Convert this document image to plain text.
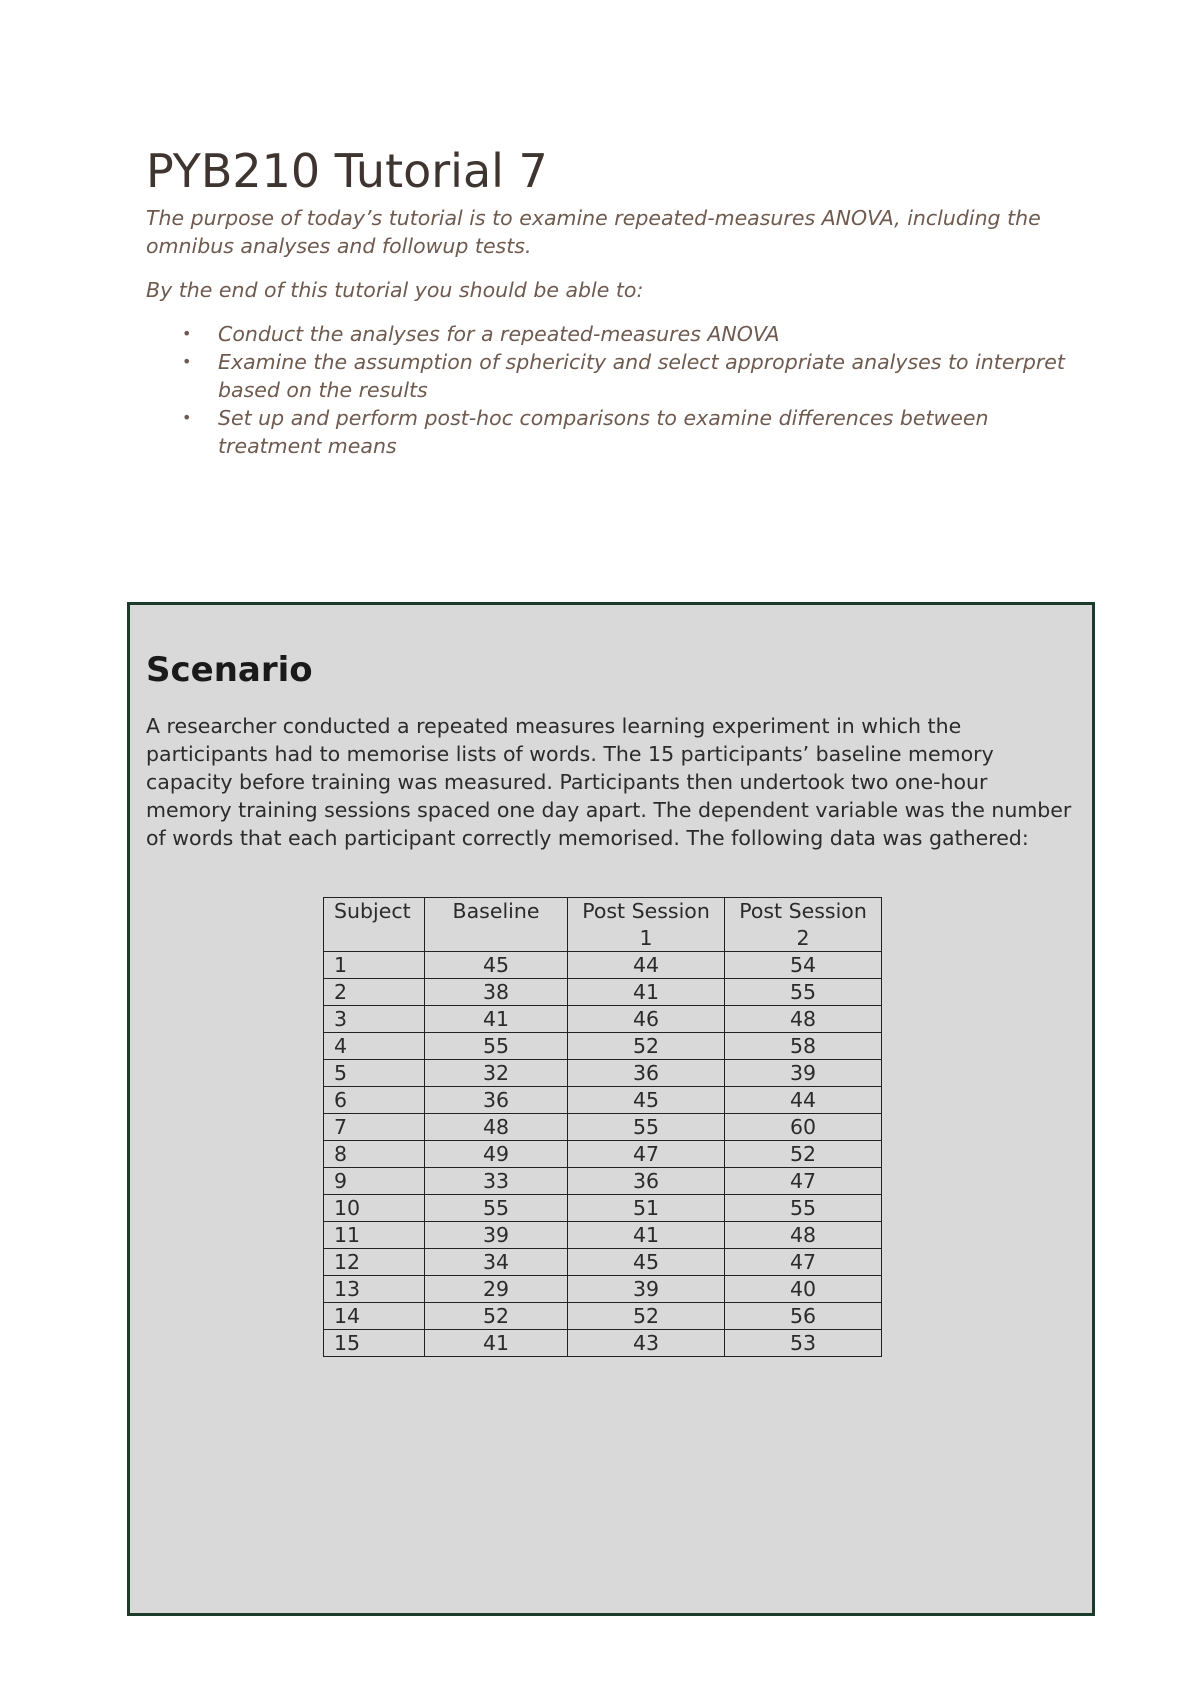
PYB210 Tutorial 7

The purpose of today’s tutorial is to examine repeated-measures ANOVA, including the omnibus analyses and followup tests.

By the end of this tutorial you should be able to:

• Conduct the analyses for a repeated-measures ANOVA
• Examine the assumption of sphericity and select appropriate analyses to interpret based on the results
• Set up and perform post-hoc comparisons to examine differences between treatment means
Scenario

A researcher conducted a repeated measures learning experiment in which the participants had to memorise lists of words. The 15 participants’ baseline memory capacity before training was measured. Participants then undertook two one-hour memory training sessions spaced one day apart. The dependent variable was the number of words that each participant correctly memorised. The following data was gathered:

Subject	Baseline	Post Session 1	Post Session 2
1	45	44	54
2	38	41	55
3	41	46	48
4	55	52	58
5	32	36	39
6	36	45	44
7	48	55	60
8	49	47	52
9	33	36	47
10	55	51	55
11	39	41	48
12	34	45	47
13	29	39	40
14	52	52	56
15	41	43	53
